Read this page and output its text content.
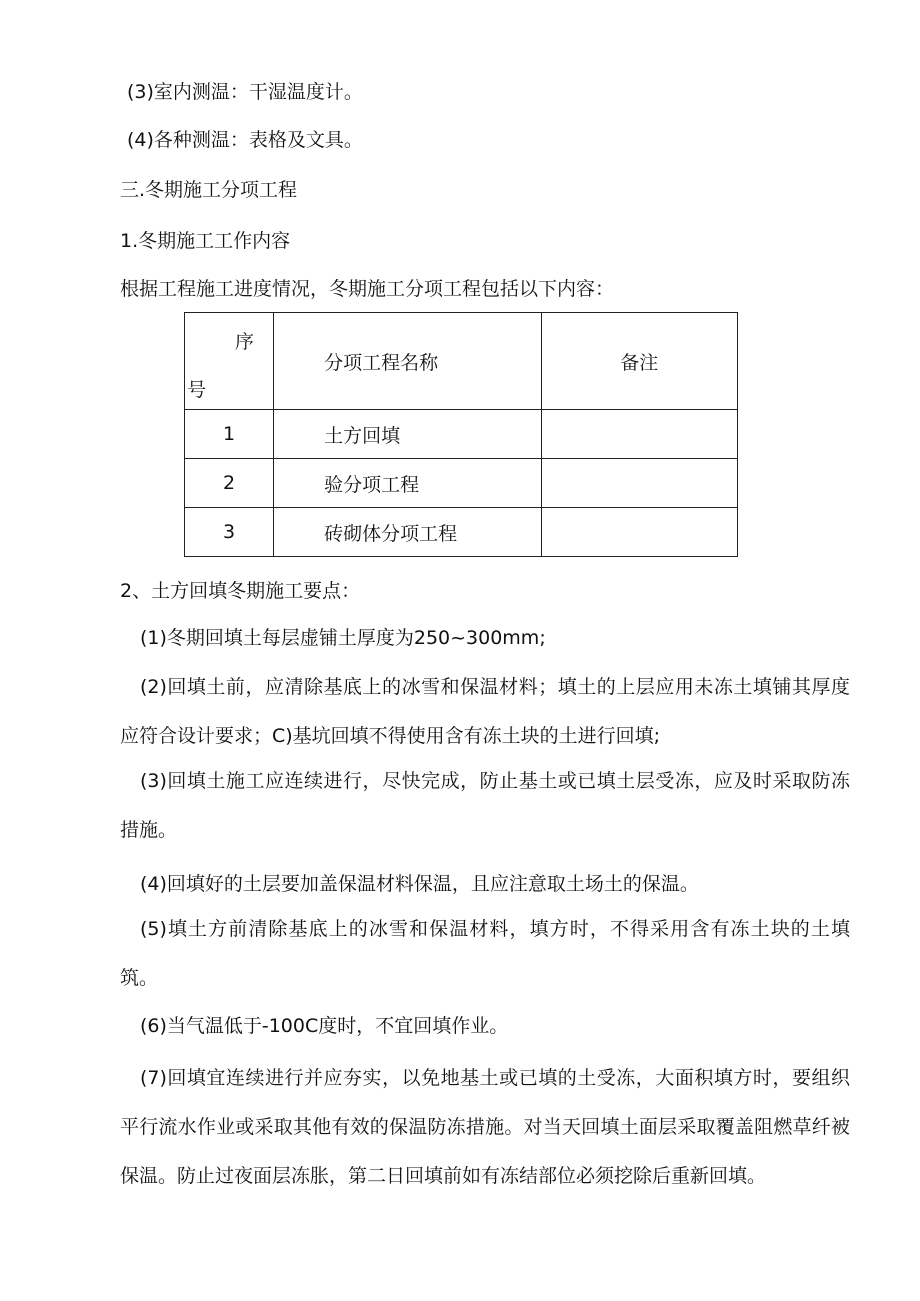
(3)室内测温：干湿温度计。
(4)各种测温：表格及文具。
三.冬期施工分项工程
1.冬期施工工作内容
根据工程施工进度情况，冬期施工分项工程包括以下内容：
序
号	分项工程名称	备注
1	土方回填	
2	验分项工程	
3	砖砌体分项工程	
2、土方回填冬期施工要点：
(1)冬期回填土每层虚铺土厚度为250~300mm;
(2)回填土前，应清除基底上的冰雪和保温材料；填土的上层应用未冻土填铺其厚度应符合设计要求；C)基坑回填不得使用含有冻土块的土进行回填;
(3)回填土施工应连续进行，尽快完成，防止基土或已填土层受冻，应及时采取防冻措施。
(4)回填好的土层要加盖保温材料保温，且应注意取土场土的保温。
(5)填土方前清除基底上的冰雪和保温材料，填方时，不得采用含有冻土块的土填筑。
(6)当气温低于-100C度时，不宜回填作业。
(7)回填宜连续进行并应夯实，以免地基土或已填的土受冻，大面积填方时，要组织平行流水作业或采取其他有效的保温防冻措施。对当天回填土面层采取覆盖阻燃草纤被保温。防止过夜面层冻胀，第二日回填前如有冻结部位必须挖除后重新回填。
